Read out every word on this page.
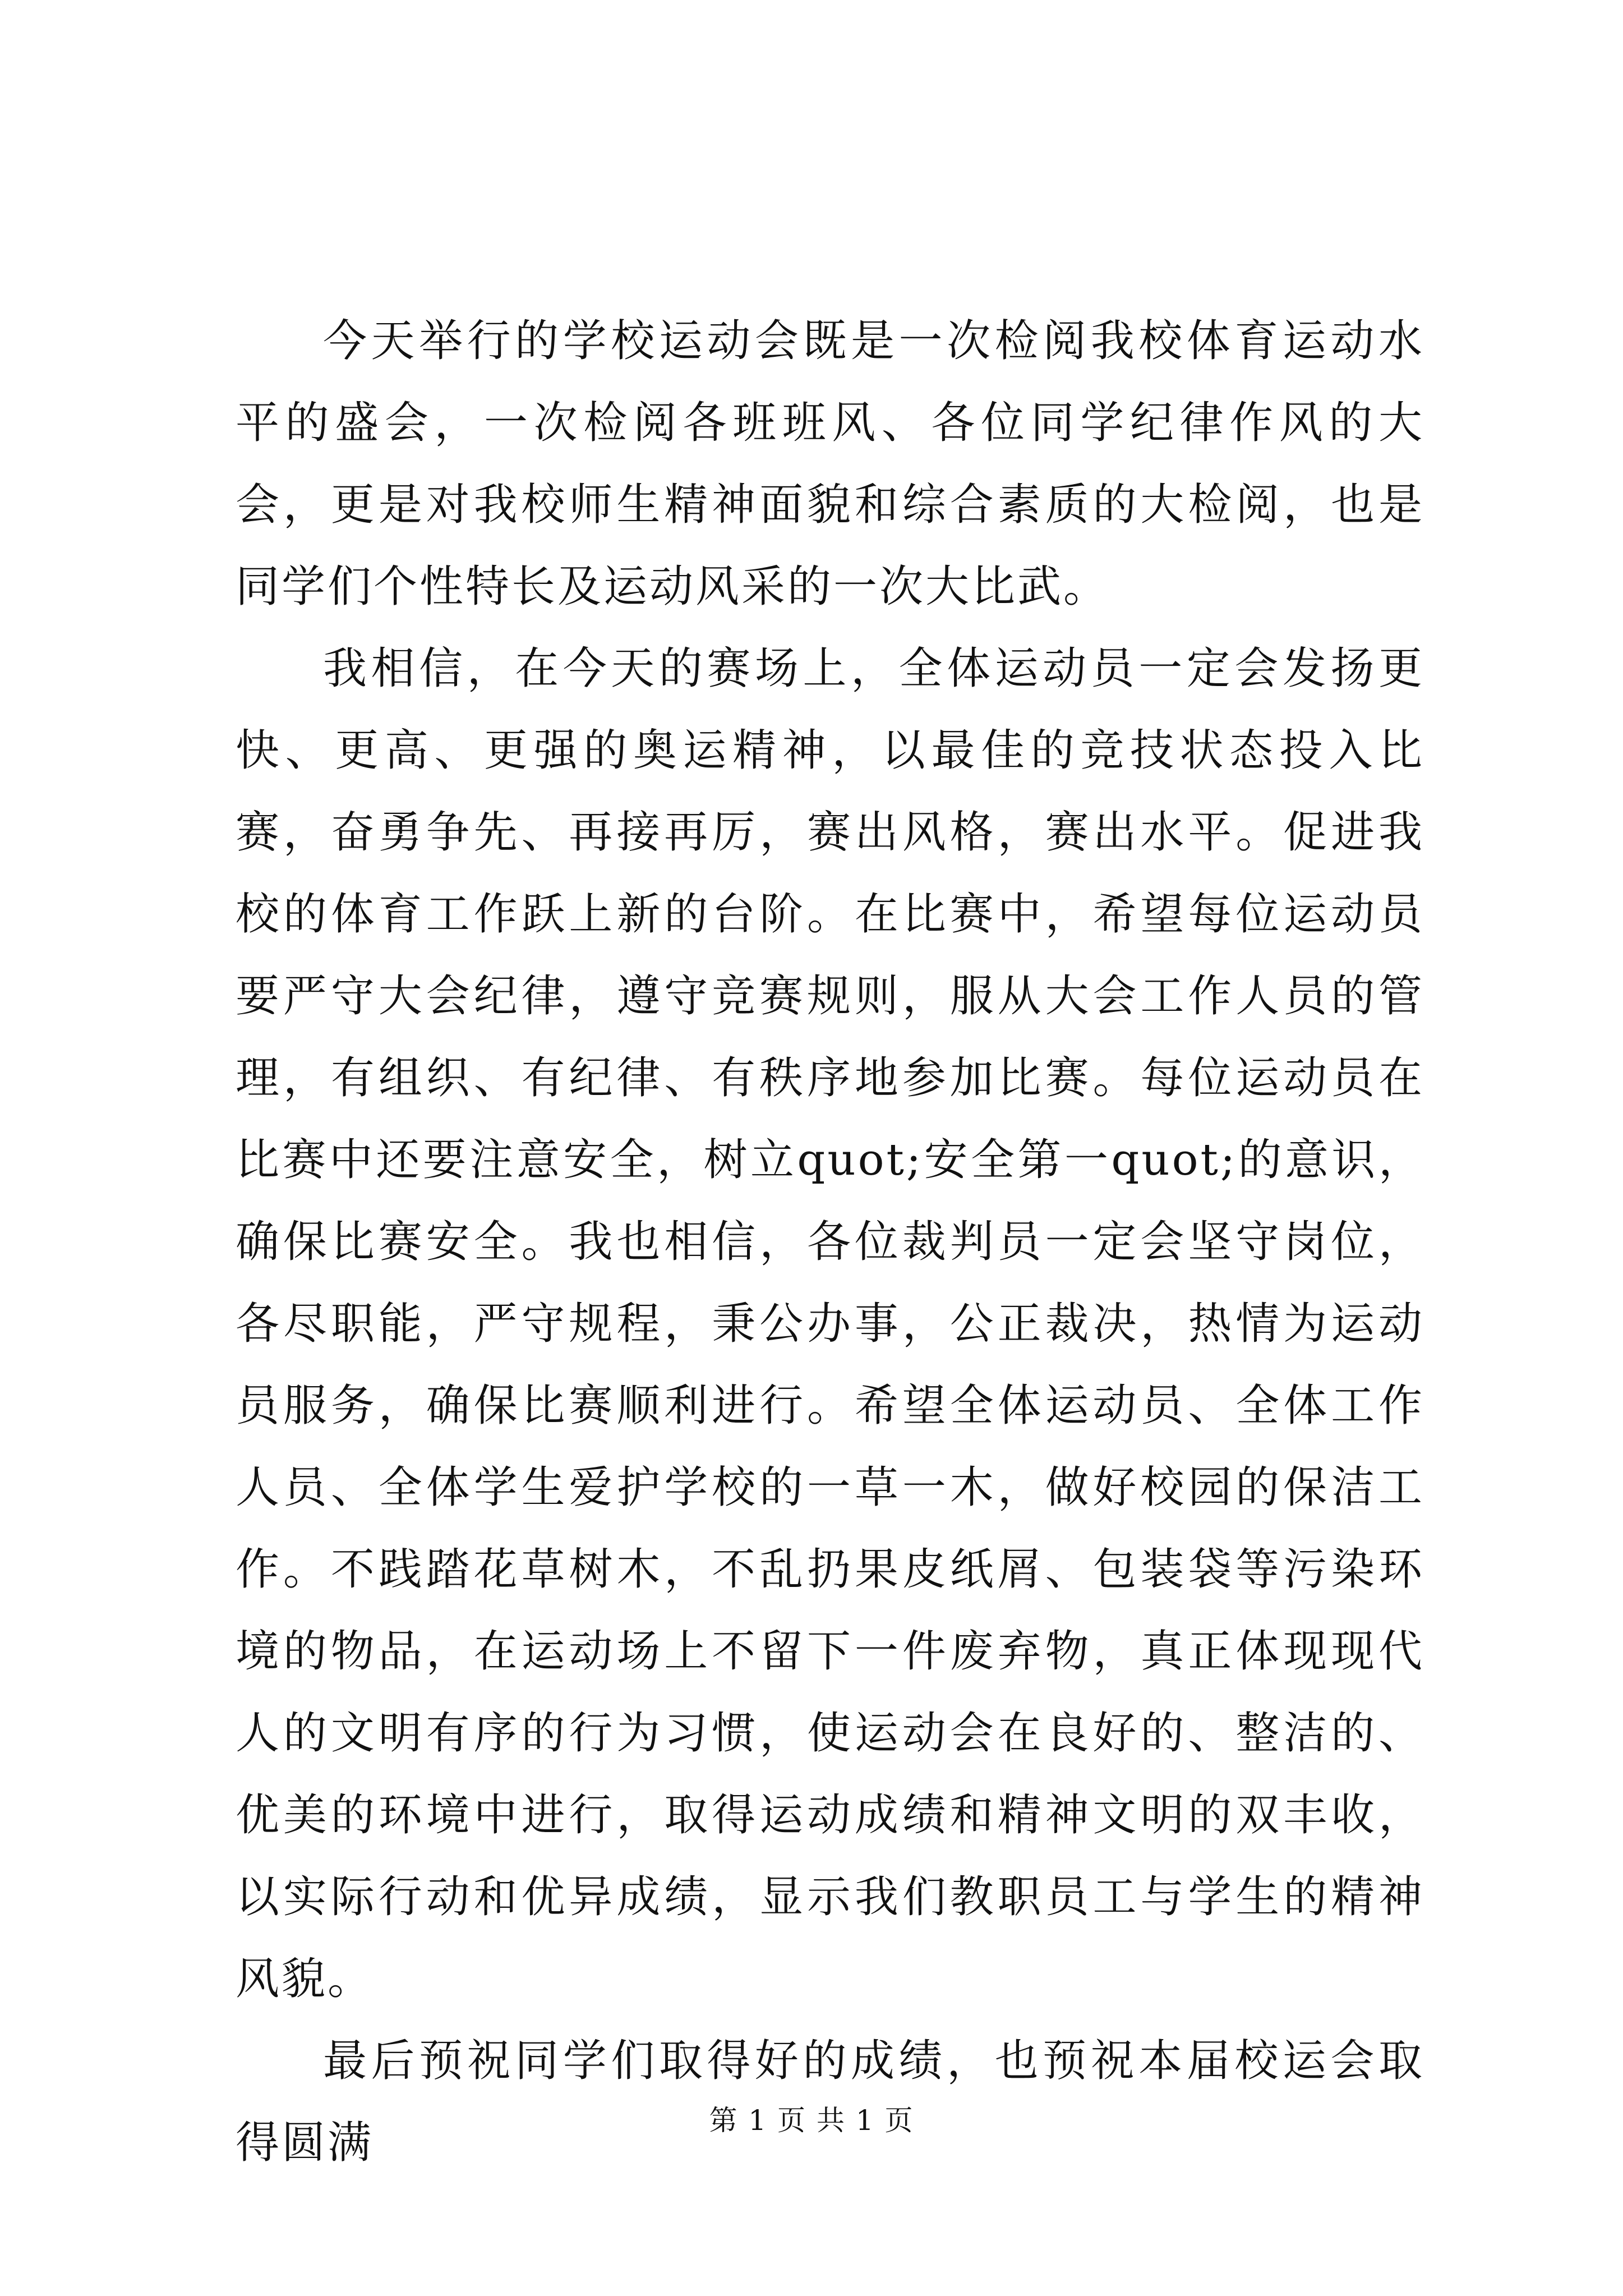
今天举行的学校运动会既是一次检阅我校体育运动水平的盛会，一次检阅各班班风、各位同学纪律作风的大会，更是对我校师生精神面貌和综合素质的大检阅，也是同学们个性特长及运动风采的一次大比武。

我相信，在今天的赛场上，全体运动员一定会发扬更快、更高、更强的奥运精神，以最佳的竞技状态投入比赛，奋勇争先、再接再厉，赛出风格，赛出水平。促进我校的体育工作跃上新的台阶。在比赛中，希望每位运动员要严守大会纪律，遵守竞赛规则，服从大会工作人员的管理，有组织、有纪律、有秩序地参加比赛。每位运动员在比赛中还要注意安全，树立quot;安全第一quot;的意识，确保比赛安全。我也相信，各位裁判员一定会坚守岗位，各尽职能，严守规程，秉公办事，公正裁决，热情为运动员服务，确保比赛顺利进行。希望全体运动员、全体工作人员、全体学生爱护学校的一草一木，做好校园的保洁工作。不践踏花草树木，不乱扔果皮纸屑、包装袋等污染环境的物品，在运动场上不留下一件废弃物，真正体现现代人的文明有序的行为习惯，使运动会在良好的、整洁的、优美的环境中进行，取得运动成绩和精神文明的双丰收，以实际行动和优异成绩，显示我们教职员工与学生的精神风貌。

最后预祝同学们取得好的成绩，也预祝本届校运会取得圆满	第 1 页 共 1 页
